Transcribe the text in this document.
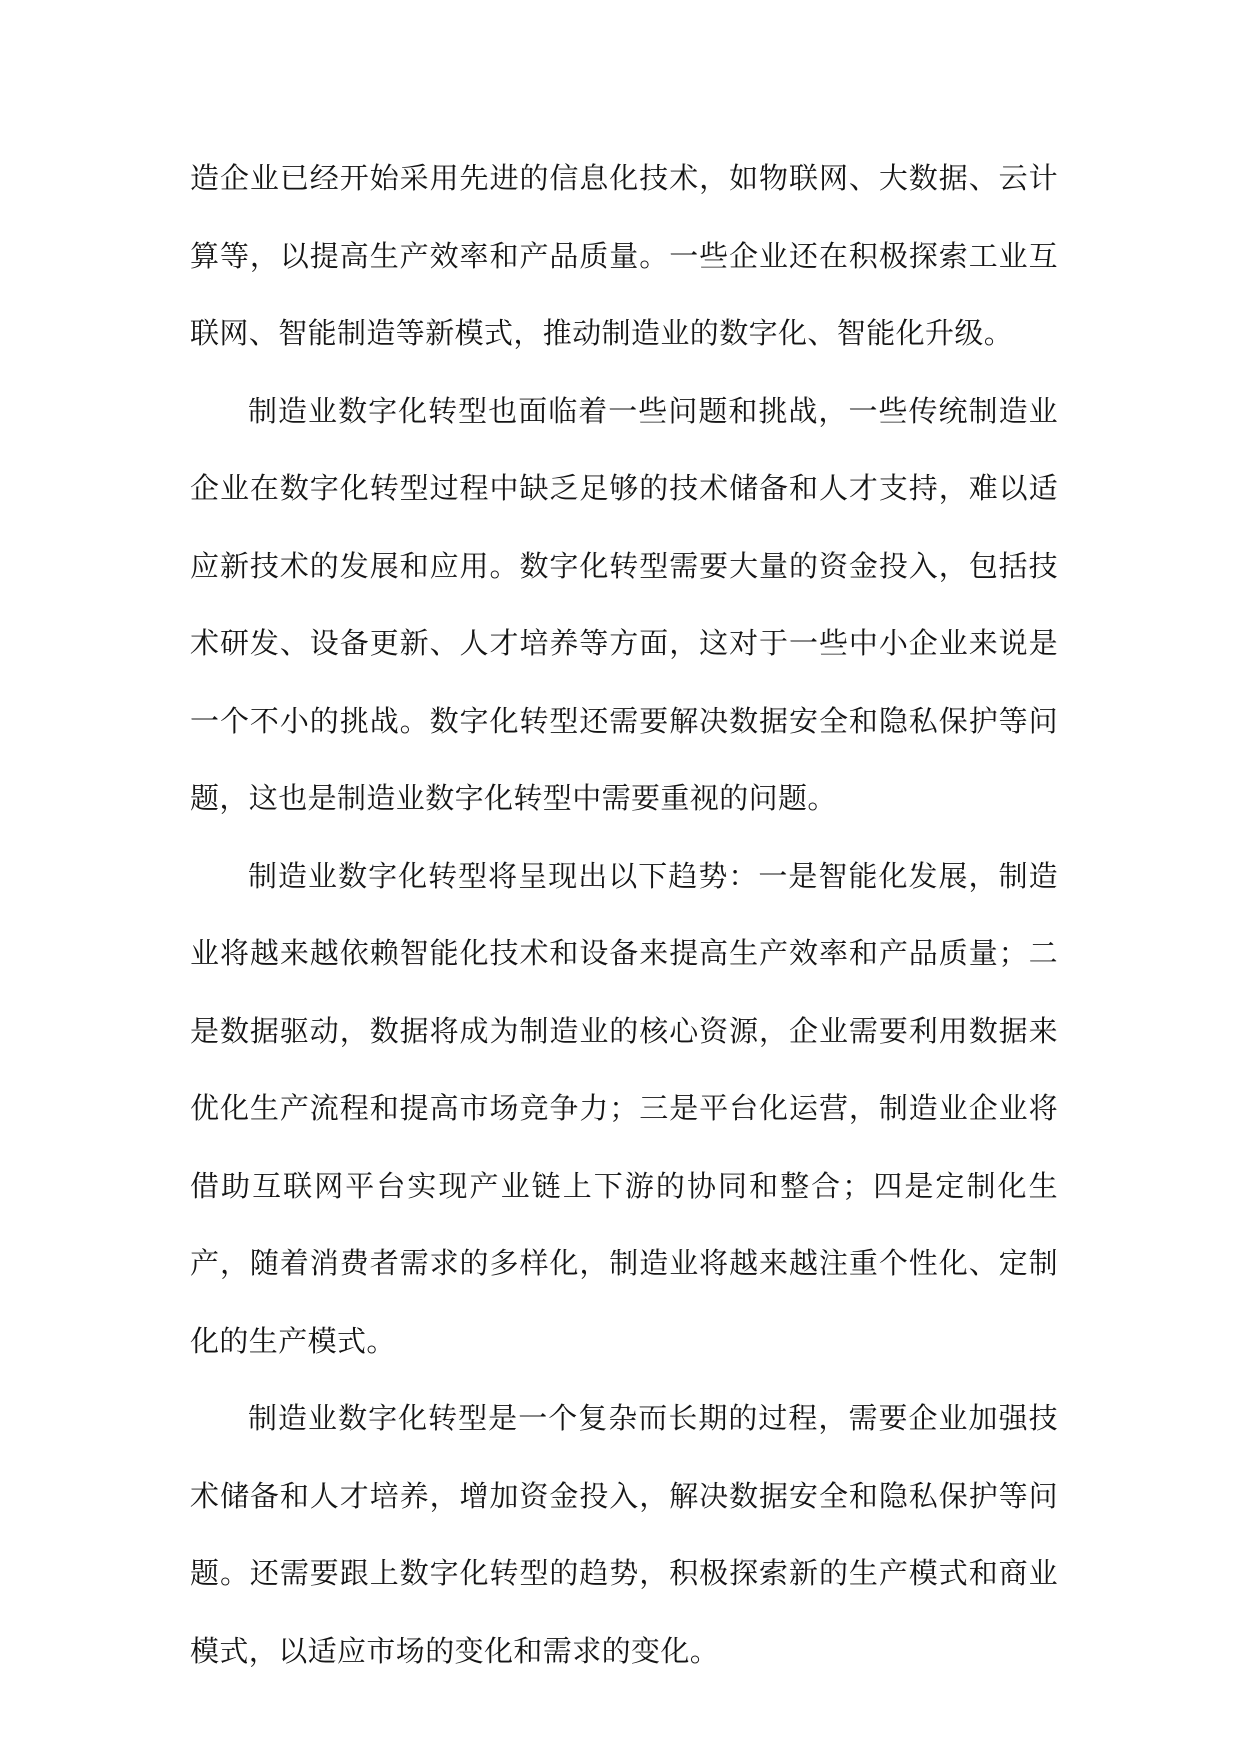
造企业已经开始采用先进的信息化技术，如物联网、大数据、云计算等，以提高生产效率和产品质量。一些企业还在积极探索工业互联网、智能制造等新模式，推动制造业的数字化、智能化升级。

制造业数字化转型也面临着一些问题和挑战，一些传统制造业企业在数字化转型过程中缺乏足够的技术储备和人才支持，难以适应新技术的发展和应用。数字化转型需要大量的资金投入，包括技术研发、设备更新、人才培养等方面，这对于一些中小企业来说是一个不小的挑战。数字化转型还需要解决数据安全和隐私保护等问题，这也是制造业数字化转型中需要重视的问题。

制造业数字化转型将呈现出以下趋势：一是智能化发展，制造业将越来越依赖智能化技术和设备来提高生产效率和产品质量；二是数据驱动，数据将成为制造业的核心资源，企业需要利用数据来优化生产流程和提高市场竞争力；三是平台化运营，制造业企业将借助互联网平台实现产业链上下游的协同和整合；四是定制化生产，随着消费者需求的多样化，制造业将越来越注重个性化、定制化的生产模式。

制造业数字化转型是一个复杂而长期的过程，需要企业加强技术储备和人才培养，增加资金投入，解决数据安全和隐私保护等问题。还需要跟上数字化转型的趋势，积极探索新的生产模式和商业模式，以适应市场的变化和需求的变化。
